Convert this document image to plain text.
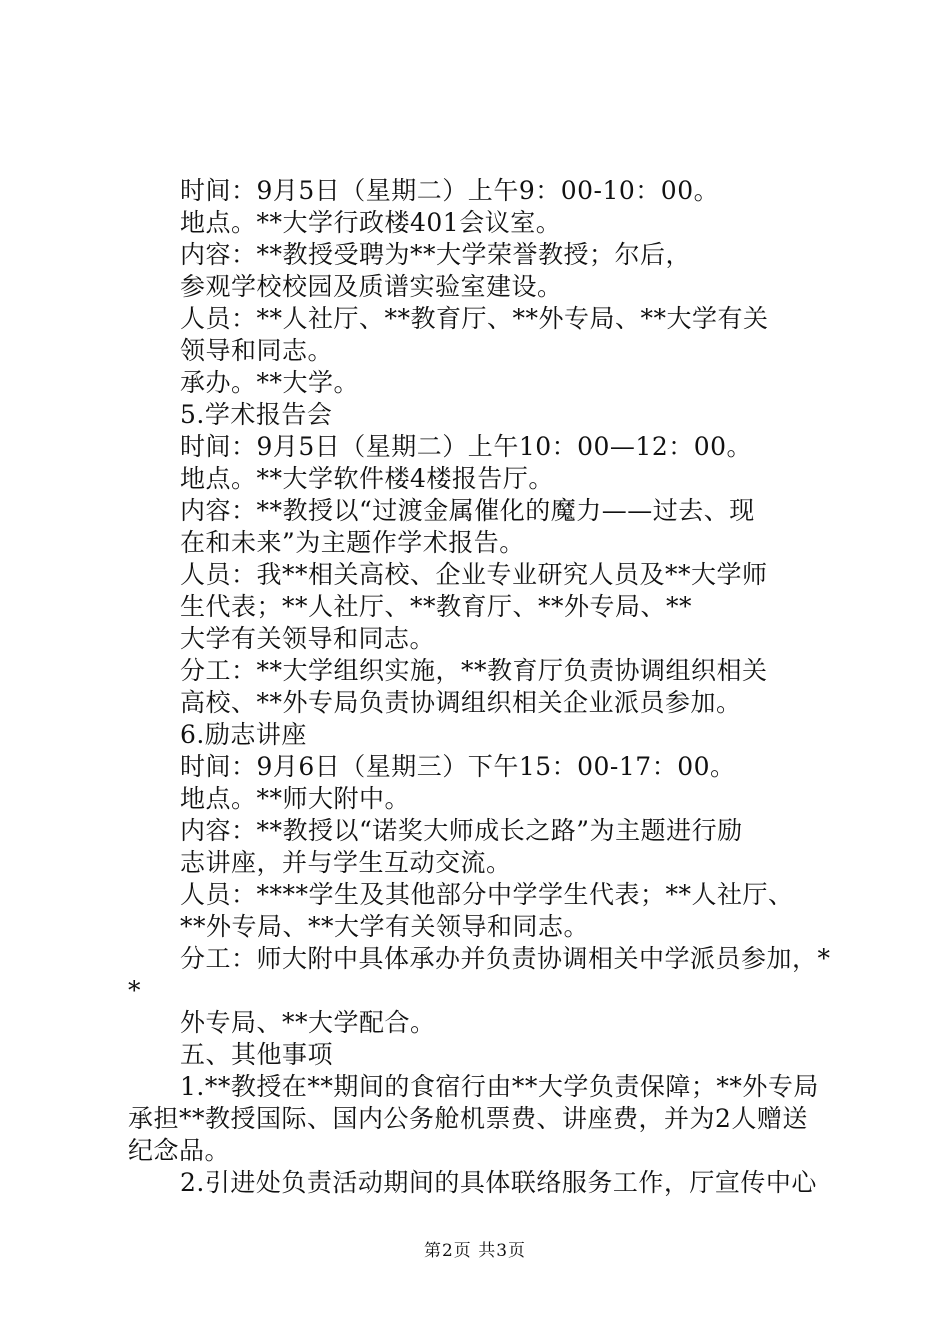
时间：9月5日（星期二）上午9：00-10：00。
地点。**大学行政楼401会议室。
内容：**教授受聘为**大学荣誉教授；尔后，
参观学校校园及质谱实验室建设。
人员：**人社厅、**教育厅、**外专局、**大学有关
领导和同志。
承办。**大学。
5.学术报告会
时间：9月5日（星期二）上午10：00—12：00。
地点。**大学软件楼4楼报告厅。
内容：**教授以“过渡金属催化的魔力——过去、现
在和未来”为主题作学术报告。
人员：我**相关高校、企业专业研究人员及**大学师
生代表；**人社厅、**教育厅、**外专局、**
大学有关领导和同志。
分工：**大学组织实施，**教育厅负责协调组织相关
高校、**外专局负责协调组织相关企业派员参加。
6.励志讲座
时间：9月6日（星期三）下午15：00-17：00。
地点。**师大附中。
内容：**教授以“诺奖大师成长之路”为主题进行励
志讲座，并与学生互动交流。
人员：****学生及其他部分中学学生代表；**人社厅、
**外专局、**大学有关领导和同志。
分工：师大附中具体承办并负责协调相关中学派员参加，*
*
外专局、**大学配合。
五、其他事项
1.**教授在**期间的食宿行由**大学负责保障；**外专局
承担**教授国际、国内公务舱机票费、讲座费，并为2人赠送
纪念品。
2.引进处负责活动期间的具体联络服务工作，厅宣传中心
第2页 共3页
